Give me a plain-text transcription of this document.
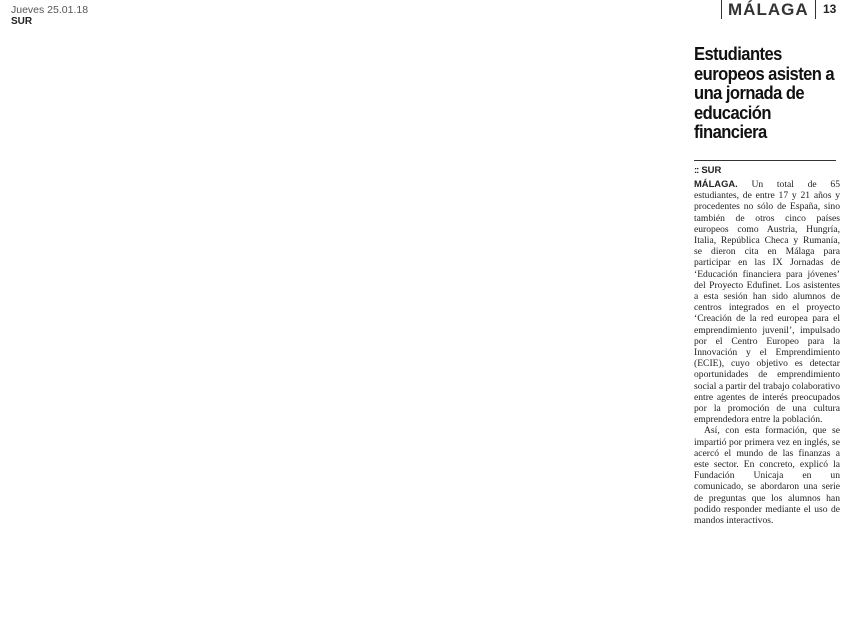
Jueves 25.01.18
SUR
MÁLAGA	13
Estudiantes europeos asisten a una jornada de educación financiera
:: SUR

MÁLAGA. Un total de 65 estudiantes, de entre 17 y 21 años y procedentes no sólo de España, sino también de otros cinco países europeos como Austria, Hungría, Italia, República Checa y Rumanía, se dieron cita en Málaga para participar en las IX Jornadas de ‘Educación financiera para jóvenes’ del Proyecto Edufinet. Los asistentes a esta sesión han sido alumnos de centros integrados en el proyecto ‘Creación de la red europea para el emprendimiento juvenil’, impulsado por el Centro Europeo para la Innovación y el Emprendimiento (ECIE), cuyo objetivo es detectar oportunidades de emprendimiento social a partir del trabajo colaborativo entre agentes de interés preocupados por la promoción de una cultura emprendedora entre la población.

Así, con esta formación, que se impartió por primera vez en inglés, se acercó el mundo de las finanzas a este sector. En concreto, explicó la Fundación Unicaja en un comunicado, se abordaron una serie de preguntas que los alumnos han podido responder mediante el uso de mandos interactivos.
